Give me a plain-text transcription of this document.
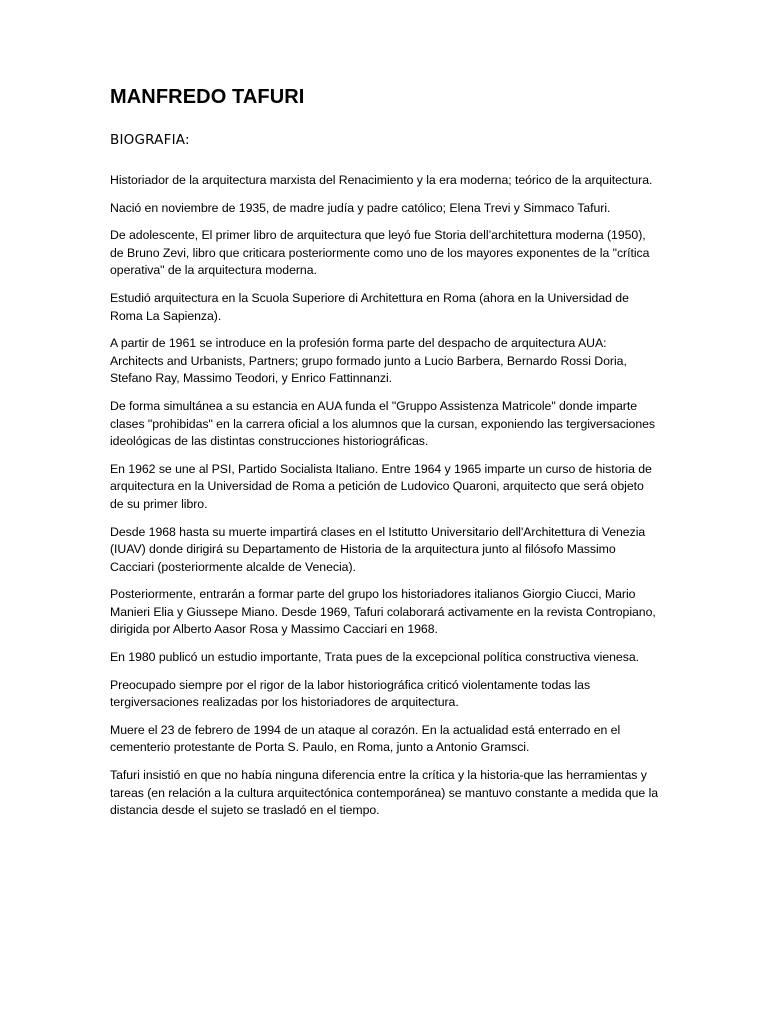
MANFREDO TAFURI
BIOGRAFIA:

Historiador de la arquitectura marxista del Renacimiento y la era moderna; teórico de la arquitectura.

Nació en noviembre de 1935, de madre judía y padre católico; Elena Trevi y Simmaco Tafuri.

De adolescente, El primer libro de arquitectura que leyó fue Storia dell’architettura moderna (1950), de Bruno Zevi, libro que criticara posteriormente como uno de los mayores exponentes de la "crítica operativa" de la arquitectura moderna.

Estudió arquitectura en la Scuola Superiore di Architettura en Roma (ahora en la Universidad de Roma La Sapienza).

A partir de 1961 se introduce en la profesión forma parte del despacho de arquitectura AUA: Architects and Urbanists, Partners; grupo formado junto a Lucio Barbera, Bernardo Rossi Doria, Stefano Ray, Massimo Teodori, y Enrico Fattinnanzi.

De forma simultánea a su estancia en AUA funda el "Gruppo Assistenza Matricole" donde imparte clases "prohibidas" en la carrera oficial a los alumnos que la cursan, exponiendo las tergiversaciones ideológicas de las distintas construcciones historiográficas.

En 1962 se une al PSI, Partido Socialista Italiano. Entre 1964 y 1965 imparte un curso de historia de arquitectura en la Universidad de Roma a petición de Ludovico Quaroni, arquitecto que será objeto de su primer libro.

Desde 1968 hasta su muerte impartirá clases en el Istitutto Universitario dell'Architettura di Venezia (IUAV) donde dirigirá su Departamento de Historia de la arquitectura junto al filósofo Massimo Cacciari (posteriormente alcalde de Venecia).

Posteriormente, entrarán a formar parte del grupo los historiadores italianos Giorgio Ciucci, Mario Manieri Elia y Giussepe Miano. Desde 1969, Tafuri colaborará activamente en la revista Contropiano, dirigida por Alberto Aasor Rosa y Massimo Cacciari en 1968.

En 1980 publicó un estudio importante, Trata pues de la excepcional política constructiva vienesa.

Preocupado siempre por el rigor de la labor historiográfica criticó violentamente todas las tergiversaciones realizadas por los historiadores de arquitectura.

Muere el 23 de febrero de 1994 de un ataque al corazón. En la actualidad está enterrado en el cementerio protestante de Porta S. Paulo, en Roma, junto a Antonio Gramsci.

Tafuri insistió en que no había ninguna diferencia entre la crítica y la historia-que las herramientas y tareas (en relación a la cultura arquitectónica contemporánea) se mantuvo constante a medida que la distancia desde el sujeto se trasladó en el tiempo.
